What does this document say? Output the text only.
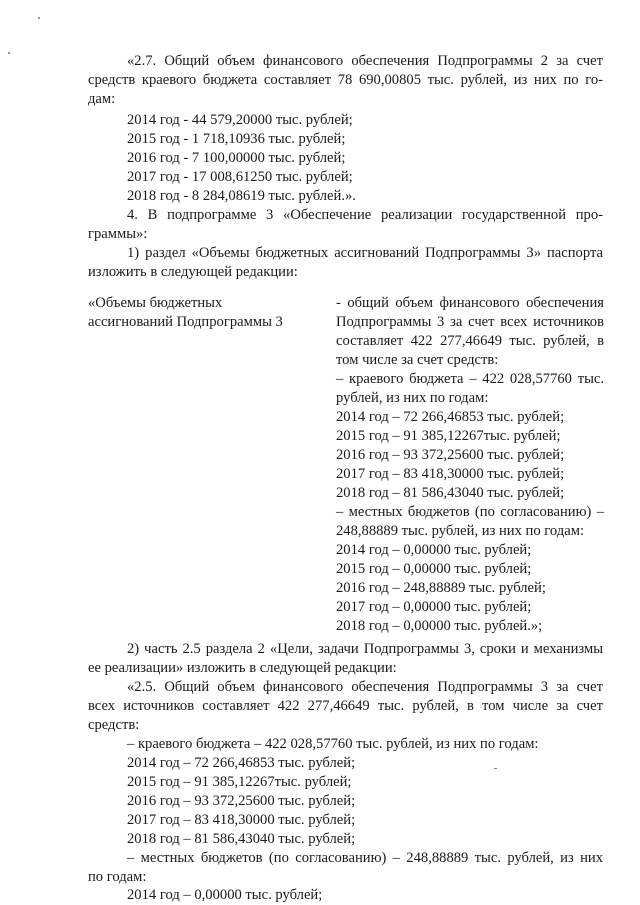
«2.7. Общий объем финансового обеспечения Подпрограммы 2 за счет
средств краевого бюджета составляет 78 690,00805 тыс. рублей, из них по го-
дам:
2014 год - 44 579,20000 тыс. рублей;
2015 год - 1 718,10936 тыс. рублей;
2016 год - 7 100,00000 тыс. рублей;
2017 год - 17 008,61250 тыс. рублей;
2018 год - 8 284,08619 тыс. рублей.».
4. В подпрограмме 3 «Обеспечение реализации государственной про-
граммы»:
1) раздел «Объемы бюджетных ассигнований Подпрограммы 3» паспорта
изложить в следующей редакции:
«Объемы бюджетных
ассигнований Подпрограммы 3
- общий объем финансового обеспечения
Подпрограммы 3 за счет всех источников
составляет 422 277,46649 тыс. рублей, в
том числе за счет средств:
– краевого бюджета – 422 028,57760 тыс.
рублей, из них по годам:
2014 год – 72 266,46853 тыс. рублей;
2015 год – 91 385,12267тыс. рублей;
2016 год – 93 372,25600 тыс. рублей;
2017 год – 83 418,30000 тыс. рублей;
2018 год – 81 586,43040 тыс. рублей;
– местных бюджетов (по согласованию) –
248,88889 тыс. рублей, из них по годам:
2014 год – 0,00000 тыс. рублей;
2015 год – 0,00000 тыс. рублей;
2016 год – 248,88889 тыс. рублей;
2017 год – 0,00000 тыс. рублей;
2018 год – 0,00000 тыс. рублей.»;
2) часть 2.5 раздела 2 «Цели, задачи Подпрограммы 3, сроки и механизмы
ее реализации» изложить в следующей редакции:
«2.5. Общий объем финансового обеспечения Подпрограммы 3 за счет
всех источников составляет 422 277,46649 тыс. рублей, в том числе за счет
средств:
– краевого бюджета – 422 028,57760 тыс. рублей, из них по годам:
2014 год – 72 266,46853 тыс. рублей;
2015 год – 91 385,12267тыс. рублей;
2016 год – 93 372,25600 тыс. рублей;
2017 год – 83 418,30000 тыс. рублей;
2018 год – 81 586,43040 тыс. рублей;
– местных бюджетов (по согласованию) – 248,88889 тыс. рублей, из них
по годам:
2014 год – 0,00000 тыс. рублей;
